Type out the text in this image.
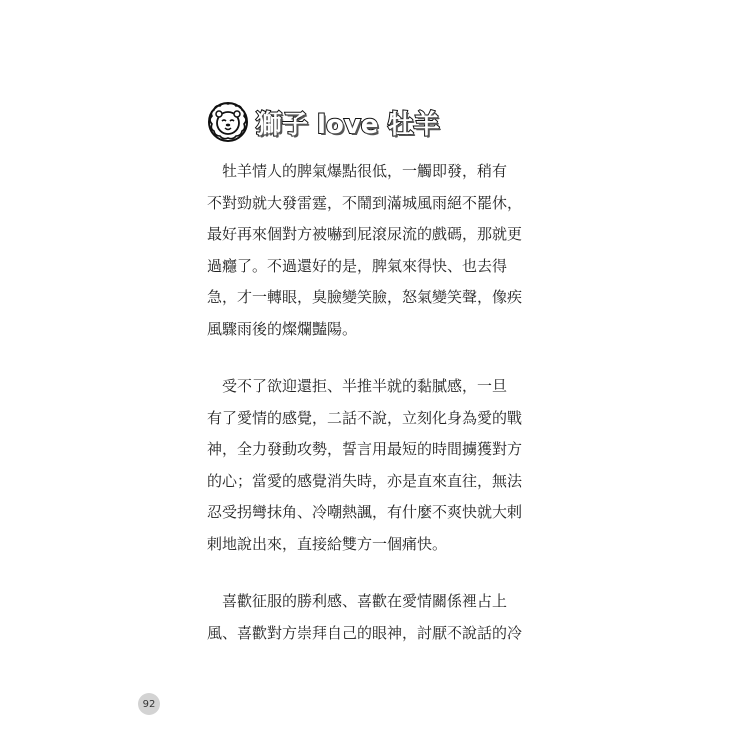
獅子 love 牡羊
　牡羊情人的脾氣爆點很低，一觸即發，稍有
不對勁就大發雷霆，不鬧到滿城風雨絕不罷休，
最好再來個對方被嚇到屁滾尿流的戲碼，那就更
過癮了。不過還好的是，脾氣來得快、也去得
急，才一轉眼，臭臉變笑臉，怒氣變笑聲，像疾
風驟雨後的燦爛豔陽。
　受不了欲迎還拒、半推半就的黏膩感，一旦
有了愛情的感覺，二話不說，立刻化身為愛的戰
神，全力發動攻勢，誓言用最短的時間擄獲對方
的心；當愛的感覺消失時，亦是直來直往，無法
忍受拐彎抹角、冷嘲熱諷，有什麼不爽快就大剌
剌地說出來，直接給雙方一個痛快。
　喜歡征服的勝利感、喜歡在愛情關係裡占上
風、喜歡對方崇拜自己的眼神，討厭不說話的冷
92
